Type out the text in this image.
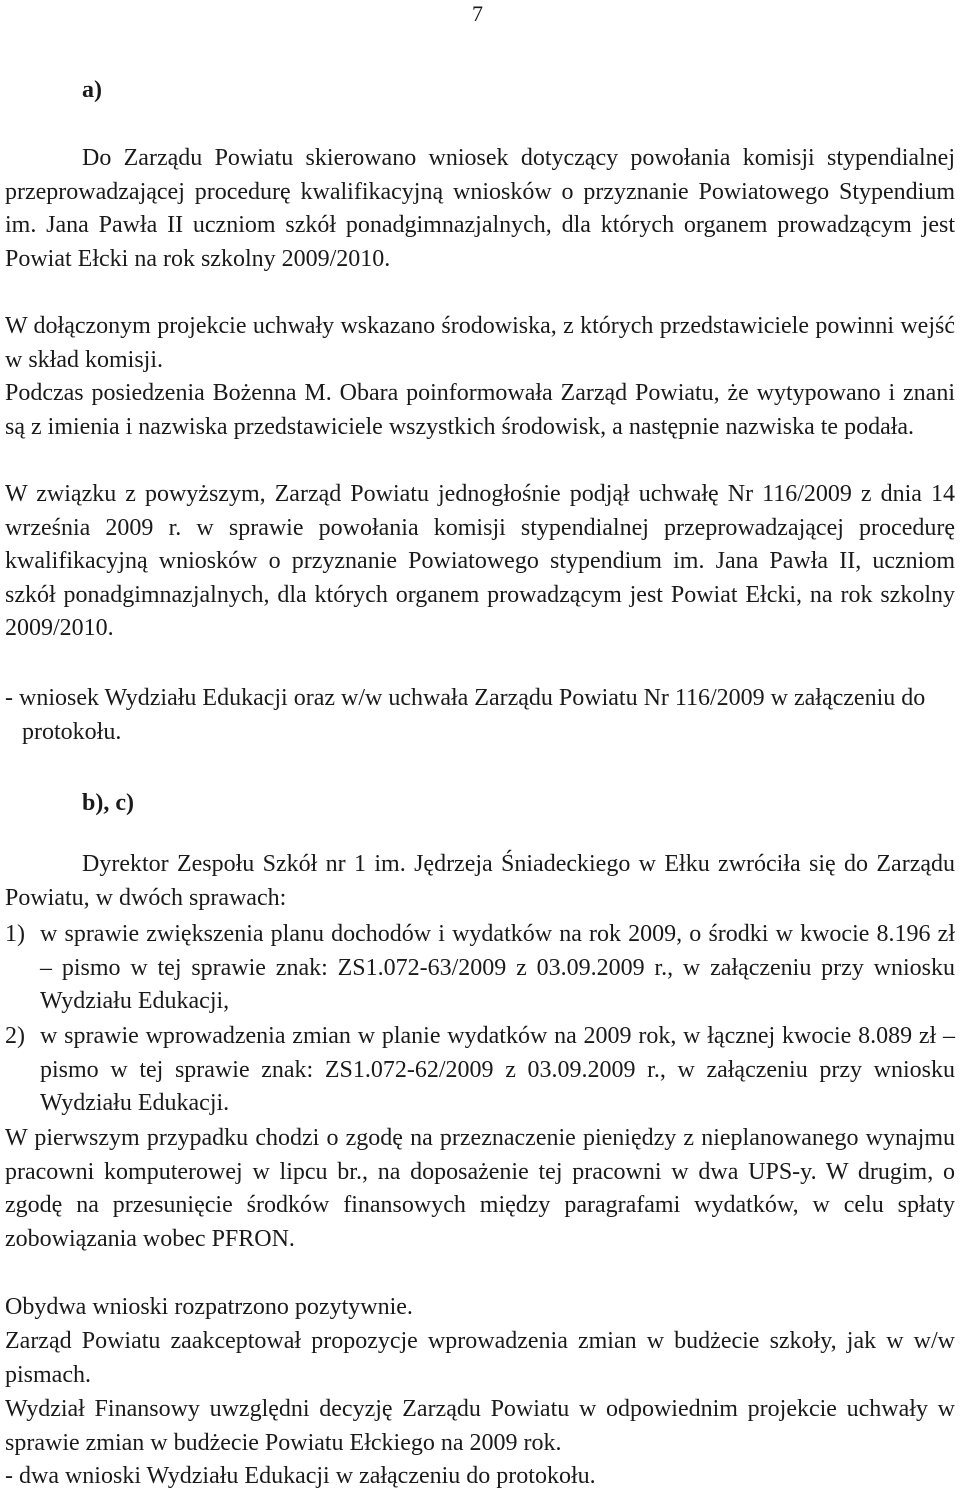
7
a)
Do Zarządu Powiatu skierowano wniosek dotyczący powołania komisji stypendialnej przeprowadzającej procedurę kwalifikacyjną wniosków o przyznanie Powiatowego Stypendium im. Jana Pawła II uczniom szkół ponadgimnazjalnych, dla których organem prowadzącym jest Powiat Ełcki na rok szkolny 2009/2010.
W dołączonym projekcie uchwały wskazano środowiska, z których przedstawiciele powinni wejść w skład komisji.
Podczas posiedzenia Bożenna M. Obara poinformowała Zarząd Powiatu, że wytypowano i znani są z imienia i nazwiska przedstawiciele wszystkich środowisk, a następnie nazwiska te podała.
W związku z powyższym, Zarząd Powiatu jednogłośnie podjął uchwałę Nr 116/2009 z dnia 14 września 2009 r. w sprawie powołania komisji stypendialnej przeprowadzającej procedurę kwalifikacyjną wniosków o przyznanie Powiatowego stypendium im. Jana Pawła II, uczniom szkół ponadgimnazjalnych, dla których organem prowadzącym jest Powiat Ełcki, na rok szkolny 2009/2010.
- wniosek Wydziału Edukacji oraz w/w uchwała Zarządu Powiatu Nr 116/2009 w załączeniu do protokołu.
b), c)
Dyrektor Zespołu Szkół nr 1 im. Jędrzeja Śniadeckiego w Ełku zwróciła się do Zarządu Powiatu, w dwóch sprawach:
1) w sprawie zwiększenia planu dochodów i wydatków na rok 2009, o środki w kwocie 8.196 zł – pismo w tej sprawie znak: ZS1.072-63/2009 z 03.09.2009 r., w załączeniu przy wniosku Wydziału Edukacji,
2) w sprawie wprowadzenia zmian w planie wydatków na 2009 rok, w łącznej kwocie 8.089 zł – pismo w tej sprawie znak: ZS1.072-62/2009 z 03.09.2009 r., w załączeniu przy wniosku Wydziału Edukacji.
W pierwszym przypadku chodzi o zgodę na przeznaczenie pieniędzy z nieplanowanego wynajmu pracowni komputerowej w lipcu br., na doposażenie tej pracowni w dwa UPS-y. W drugim, o zgodę na przesunięcie środków finansowych między paragrafami wydatków, w celu spłaty zobowiązania wobec PFRON.
Obydwa wnioski rozpatrzono pozytywnie.
Zarząd Powiatu zaakceptował propozycje wprowadzenia zmian w budżecie szkoły, jak w w/w pismach.
Wydział Finansowy uwzględni decyzję Zarządu Powiatu w odpowiednim projekcie uchwały w sprawie zmian w budżecie Powiatu Ełckiego na 2009 rok.
- dwa wnioski Wydziału Edukacji w załączeniu do protokołu.
